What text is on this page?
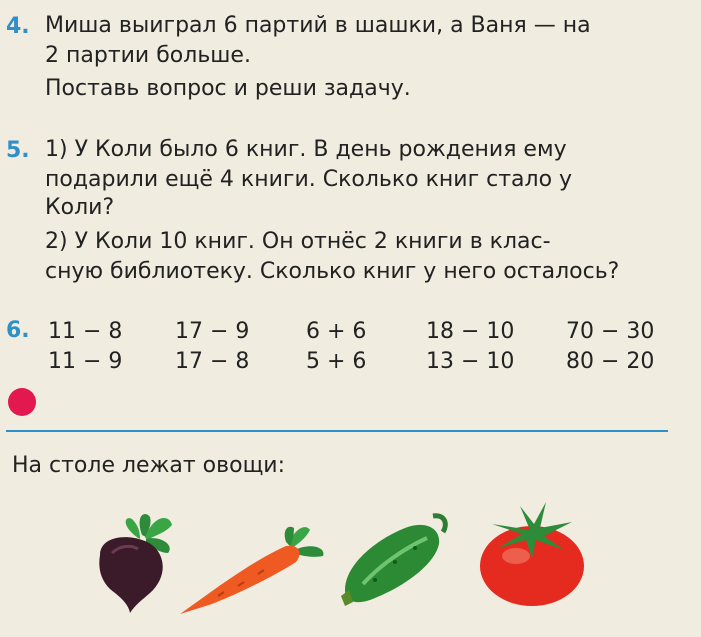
4. Миша выиграл 6 партий в шашки, а Ваня — на
2 партии больше.
Поставь вопрос и реши задачу.
5. 1) У Коли было 6 книг. В день рождения ему
подарили ещё 4 книги. Сколько книг стало у
Коли?
2) У Коли 10 книг. Он отнёс 2 книги в клас-
сную библиотеку. Сколько книг у него осталось?
6. 11 − 8
11 − 9
17 − 9
17 − 8
6 + 6
5 + 6
18 − 10
13 − 10
70 − 30
80 − 20
На столе лежат овощи:
